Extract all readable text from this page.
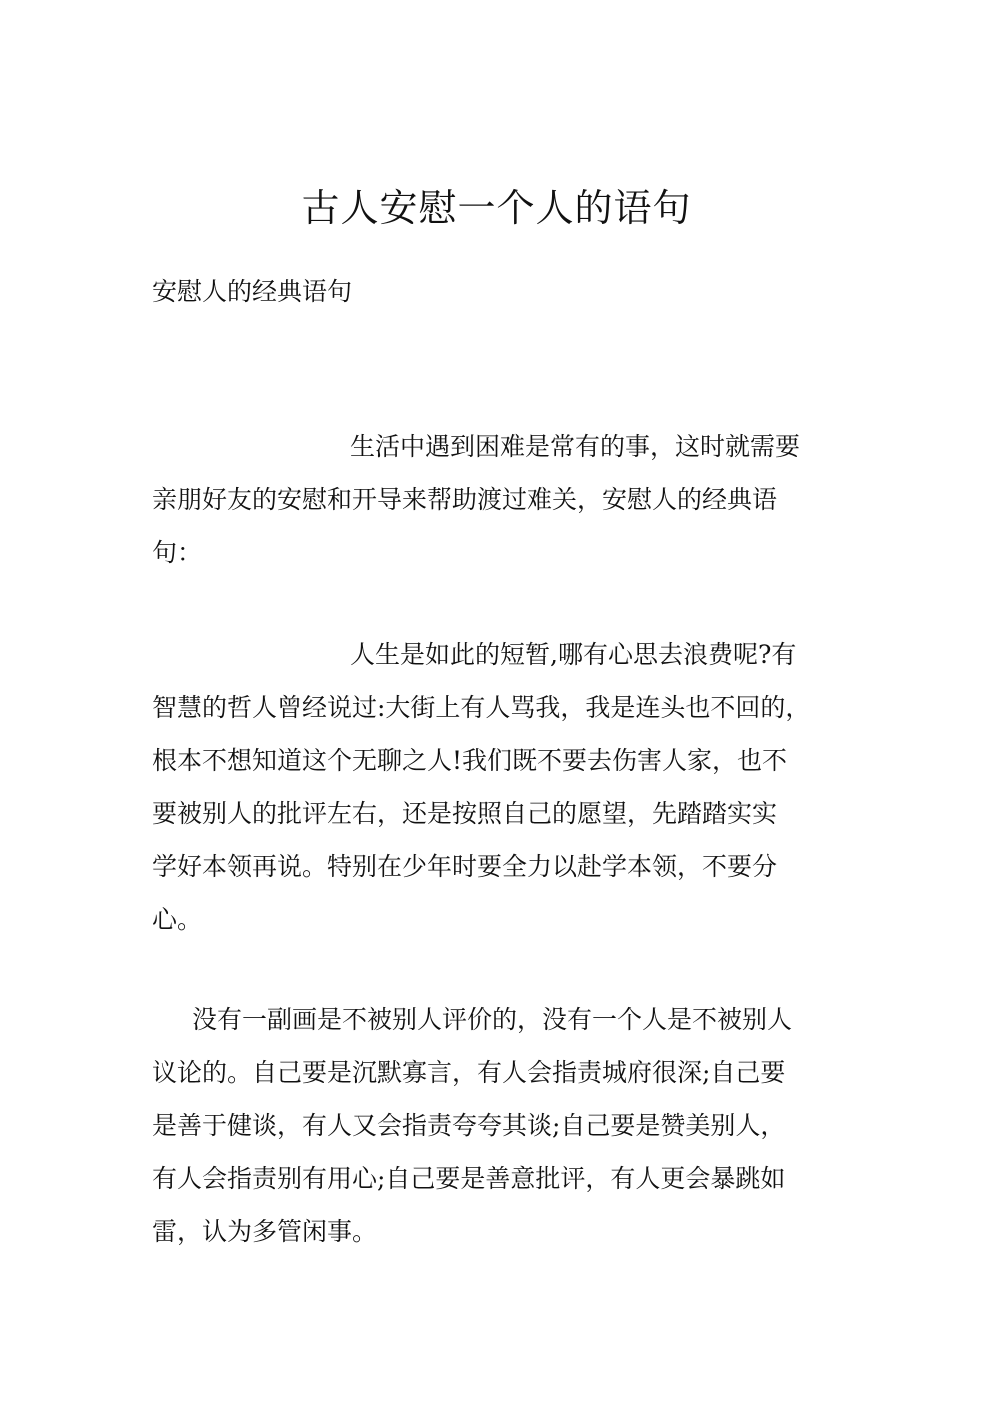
古人安慰一个人的语句
安慰人的经典语句
生活中遇到困难是常有的事，这时就需要
亲朋好友的安慰和开导来帮助渡过难关，安慰人的经典语
句：
人生是如此的短暂,哪有心思去浪费呢?有
智慧的哲人曾经说过:大街上有人骂我，我是连头也不回的，
根本不想知道这个无聊之人!我们既不要去伤害人家，也不
要被别人的批评左右，还是按照自己的愿望，先踏踏实实
学好本领再说。特别在少年时要全力以赴学本领，不要分
心。
没有一副画是不被别人评价的，没有一个人是不被别人
议论的。自己要是沉默寡言，有人会指责城府很深;自己要
是善于健谈，有人又会指责夸夸其谈;自己要是赞美别人，
有人会指责别有用心;自己要是善意批评，有人更会暴跳如
雷，认为多管闲事。
